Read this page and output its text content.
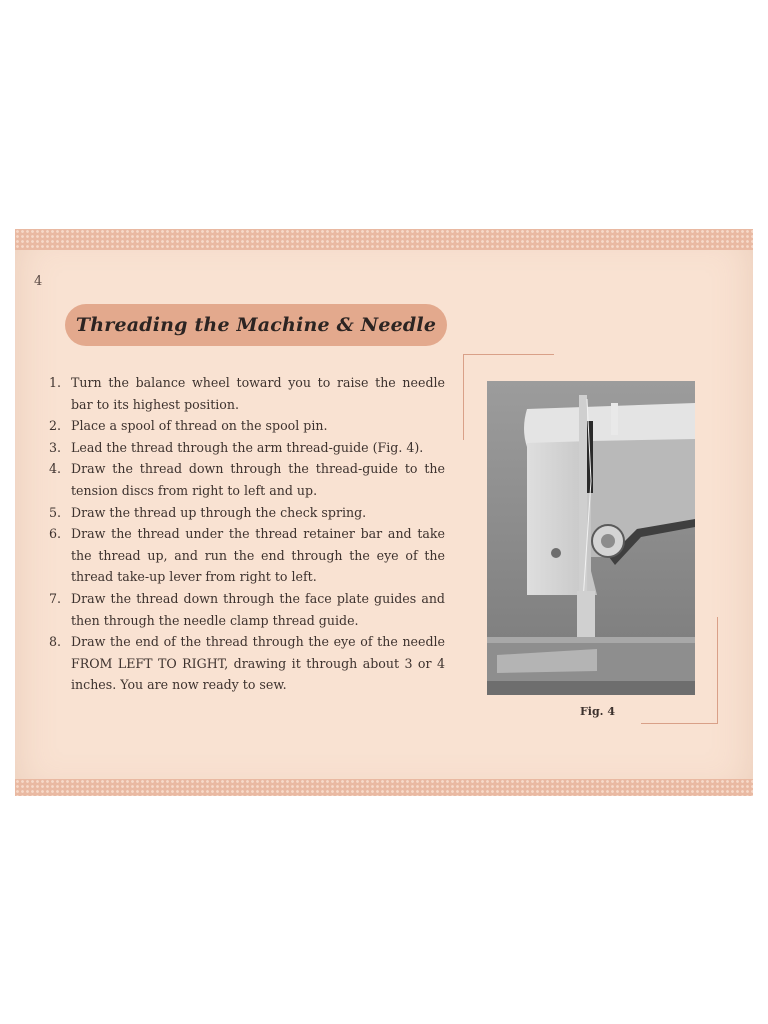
4
Threading the Machine & Needle
1. Turn the balance wheel toward you to raise the needle bar to its highest position.
2. Place a spool of thread on the spool pin.
3. Lead the thread through the arm thread-guide (Fig. 4).
4. Draw the thread down through the thread-guide to the tension discs from right to left and up.
5. Draw the thread up through the check spring.
6. Draw the thread under the thread retainer bar and take the thread up, and run the end through the eye of the thread take-up lever from right to left.
7. Draw the thread down through the face plate guides and then through the needle clamp thread guide.
8. Draw the end of the thread through the eye of the needle FROM LEFT TO RIGHT, drawing it through about 3 or 4 inches. You are now ready to sew.
Fig. 4
